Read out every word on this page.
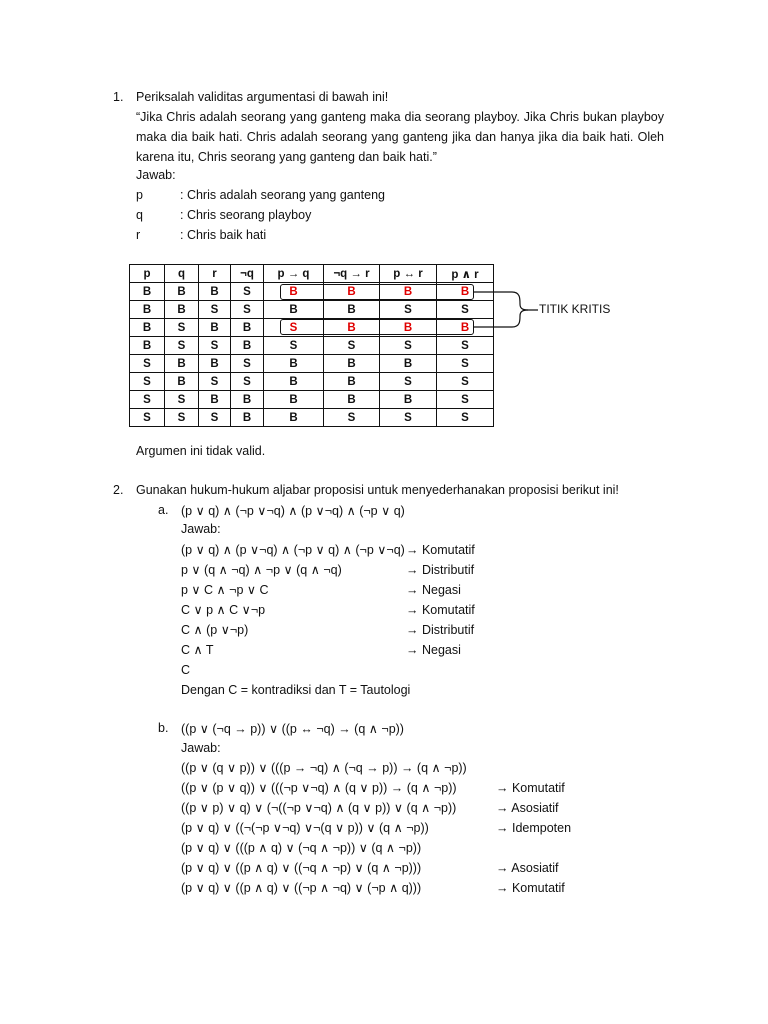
1. Periksalah validitas argumentasi di bawah ini!
“Jika Chris adalah seorang yang ganteng maka dia seorang playboy. Jika Chris bukan playboy maka dia baik hati. Chris adalah seorang yang ganteng jika dan hanya jika dia baik hati. Oleh karena itu, Chris seorang yang ganteng dan baik hati.”
Jawab:
p	: Chris adalah seorang yang ganteng
q	: Chris seorang playboy
r	: Chris baik hati
p	q	r	¬q	p → q	¬q → r	p ↔ r	p ∧ r
B	B	B	S	B	B	B	B
B	B	S	S	B	B	S	S
B	S	B	B	S	B	B	B
B	S	S	B	S	S	S	S
S	B	B	S	B	B	B	S
S	B	S	S	B	B	S	S
S	S	B	B	B	B	B	S
S	S	S	B	B	S	S	S
TITIK KRITIS
Argumen ini tidak valid.
2. Gunakan hukum-hukum aljabar proposisi untuk menyederhanakan proposisi berikut ini!
a. (p ∨ q) ∧ (¬p ∨¬q) ∧ (p ∨¬q) ∧ (¬p ∨ q)
Jawab:
(p ∨ q) ∧ (p ∨¬q) ∧ (¬p ∨ q) ∧ (¬p ∨¬q) → Komutatif
p ∨ (q ∧ ¬q) ∧ ¬p ∨ (q ∧ ¬q)	→ Distributif
p ∨ C ∧ ¬p ∨ C	→ Negasi
C ∨ p ∧ C ∨¬p	→ Komutatif
C ∧ (p ∨¬p)	→ Distributif
C ∧ T	→ Negasi
C
Dengan C = kontradiksi dan T = Tautologi
b. ((p ∨ (¬q → p)) ∨ ((p ↔ ¬q) → (q ∧ ¬p))
Jawab:
((p ∨ (q ∨ p)) ∨ (((p → ¬q) ∧ (¬q → p)) → (q ∧ ¬p))
((p ∨ (p ∨ q)) ∨ (((¬p ∨¬q) ∧ (q ∨ p)) → (q ∧ ¬p))	→ Komutatif
((p ∨ p) ∨ q) ∨ (¬((¬p ∨¬q) ∧ (q ∨ p)) ∨ (q ∧ ¬p))	→ Asosiatif
(p ∨ q) ∨ ((¬(¬p ∨¬q) ∨¬(q ∨ p)) ∨ (q ∧ ¬p))	→ Idempoten
(p ∨ q) ∨ (((p ∧ q) ∨ (¬q ∧ ¬p)) ∨ (q ∧ ¬p))
(p ∨ q) ∨ ((p ∧ q) ∨ ((¬q ∧ ¬p) ∨ (q ∧ ¬p)))	→ Asosiatif
(p ∨ q) ∨ ((p ∧ q) ∨ ((¬p ∧ ¬q) ∨ (¬p ∧ q)))	→ Komutatif
